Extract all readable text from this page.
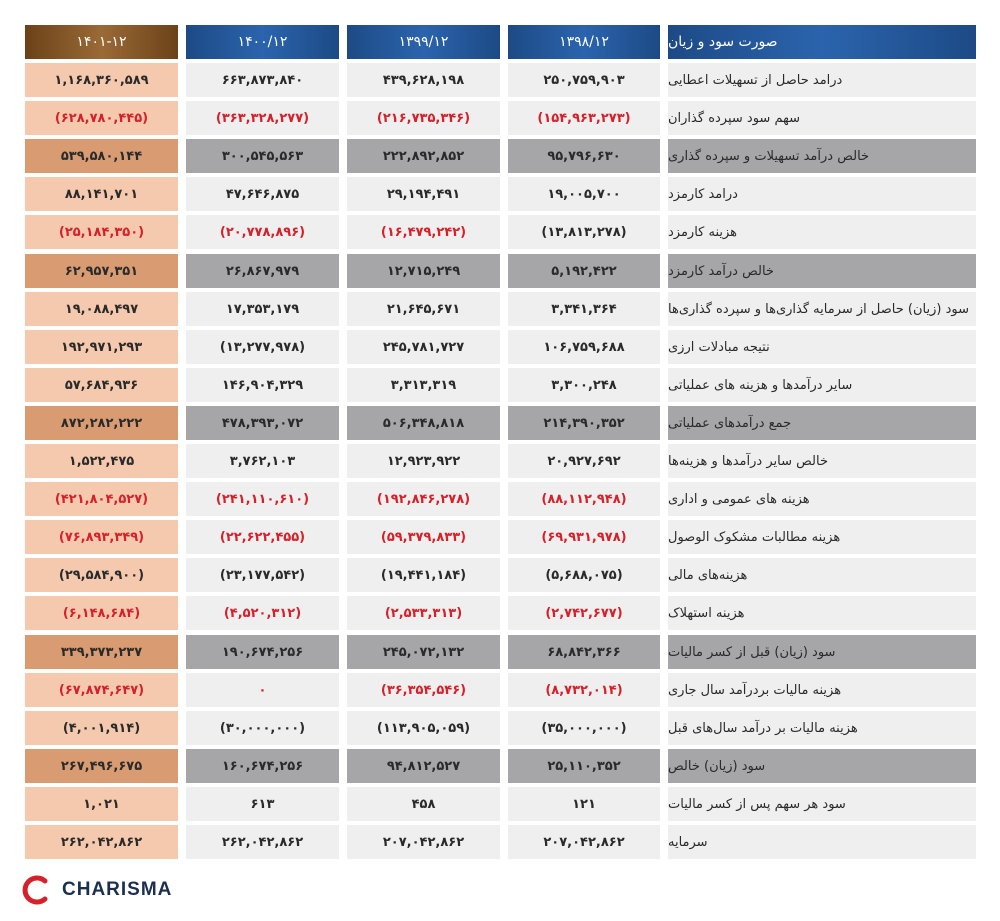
صورت سود و زیان
۱۳۹۸/۱۲
۱۳۹۹/۱۲
۱۴۰۰/۱۲
۱۴۰۱-۱۲
درامد حاصل از تسهیلات اعطایی
۲۵۰,۷۵۹,۹۰۳
۴۳۹,۶۲۸,۱۹۸
۶۶۳,۸۷۳,۸۴۰
۱,۱۶۸,۳۶۰,۵۸۹
سهم سود سپرده گذاران
(۱۵۴,۹۶۳,۲۷۳)
(۲۱۶,۷۳۵,۳۴۶)
(۳۶۳,۳۲۸,۲۷۷)
(۶۲۸,۷۸۰,۴۴۵)
خالص درآمد تسهیلات و سپرده گذاری
۹۵,۷۹۶,۶۳۰
۲۲۲,۸۹۲,۸۵۲
۳۰۰,۵۴۵,۵۶۳
۵۳۹,۵۸۰,۱۴۴
درامد کارمزد
۱۹,۰۰۵,۷۰۰
۲۹,۱۹۴,۴۹۱
۴۷,۶۴۶,۸۷۵
۸۸,۱۴۱,۷۰۱
هزینه کارمزد
(۱۳,۸۱۳,۲۷۸)
(۱۶,۴۷۹,۲۴۲)
(۲۰,۷۷۸,۸۹۶)
(۲۵,۱۸۴,۳۵۰)
خالص درآمد کارمزد
۵,۱۹۲,۴۲۲
۱۲,۷۱۵,۲۴۹
۲۶,۸۶۷,۹۷۹
۶۲,۹۵۷,۳۵۱
سود (زیان) حاصل از سرمایه گذاری‌ها و سپرده گذاری‌ها
۳,۳۴۱,۳۶۴
۲۱,۶۴۵,۶۷۱
۱۷,۳۵۳,۱۷۹
۱۹,۰۸۸,۴۹۷
نتیجه مبادلات ارزی
۱۰۶,۷۵۹,۶۸۸
۲۴۵,۷۸۱,۷۲۷
(۱۳,۲۷۷,۹۷۸)
۱۹۲,۹۷۱,۲۹۳
سایر درآمدها و هزینه های عملیاتی
۳,۳۰۰,۲۴۸
۳,۳۱۳,۳۱۹
۱۴۶,۹۰۴,۳۲۹
۵۷,۶۸۴,۹۳۶
جمع درآمدهای عملیاتی
۲۱۴,۳۹۰,۳۵۲
۵۰۶,۳۴۸,۸۱۸
۴۷۸,۳۹۳,۰۷۲
۸۷۲,۲۸۲,۲۲۲
خالص سایر درآمدها و هزینه‌ها
۲۰,۹۲۷,۶۹۲
۱۲,۹۲۳,۹۲۲
۳,۷۶۲,۱۰۳
۱,۵۲۲,۴۷۵
هزینه های عمومی و اداری
(۸۸,۱۱۲,۹۴۸)
(۱۹۲,۸۴۶,۲۷۸)
(۲۴۱,۱۱۰,۶۱۰)
(۴۲۱,۸۰۴,۵۲۷)
هزینه مطالبات مشکوک الوصول
(۶۹,۹۳۱,۹۷۸)
(۵۹,۳۷۹,۸۳۳)
(۲۲,۶۲۲,۴۵۵)
(۷۶,۸۹۳,۳۴۹)
هزینه‌های مالی
(۵,۶۸۸,۰۷۵)
(۱۹,۴۴۱,۱۸۴)
(۲۳,۱۷۷,۵۴۲)
(۲۹,۵۸۴,۹۰۰)
هزینه استهلاک
(۲,۷۴۲,۶۷۷)
(۲,۵۳۳,۳۱۳)
(۴,۵۲۰,۳۱۲)
(۶,۱۴۸,۶۸۴)
سود (زیان) قبل از کسر مالیات
۶۸,۸۴۲,۳۶۶
۲۴۵,۰۷۲,۱۳۲
۱۹۰,۶۷۴,۲۵۶
۳۳۹,۳۷۳,۲۳۷
هزینه مالیات بردرآمد سال جاری
(۸,۷۳۲,۰۱۴)
(۳۶,۳۵۴,۵۴۶)
۰
(۶۷,۸۷۴,۶۴۷)
هزینه مالیات بر درآمد سال‌های قبل
(۳۵,۰۰۰,۰۰۰)
(۱۱۳,۹۰۵,۰۵۹)
(۳۰,۰۰۰,۰۰۰)
(۴,۰۰۱,۹۱۴)
سود (زیان) خالص
۲۵,۱۱۰,۳۵۲
۹۴,۸۱۲,۵۲۷
۱۶۰,۶۷۴,۲۵۶
۲۶۷,۴۹۶,۶۷۵
سود هر سهم پس از کسر مالیات
۱۲۱
۴۵۸
۶۱۳
۱,۰۲۱
سرمایه
۲۰۷,۰۴۲,۸۶۲
۲۰۷,۰۴۲,۸۶۲
۲۶۲,۰۴۲,۸۶۲
۲۶۲,۰۴۲,۸۶۲
CHARISMA
